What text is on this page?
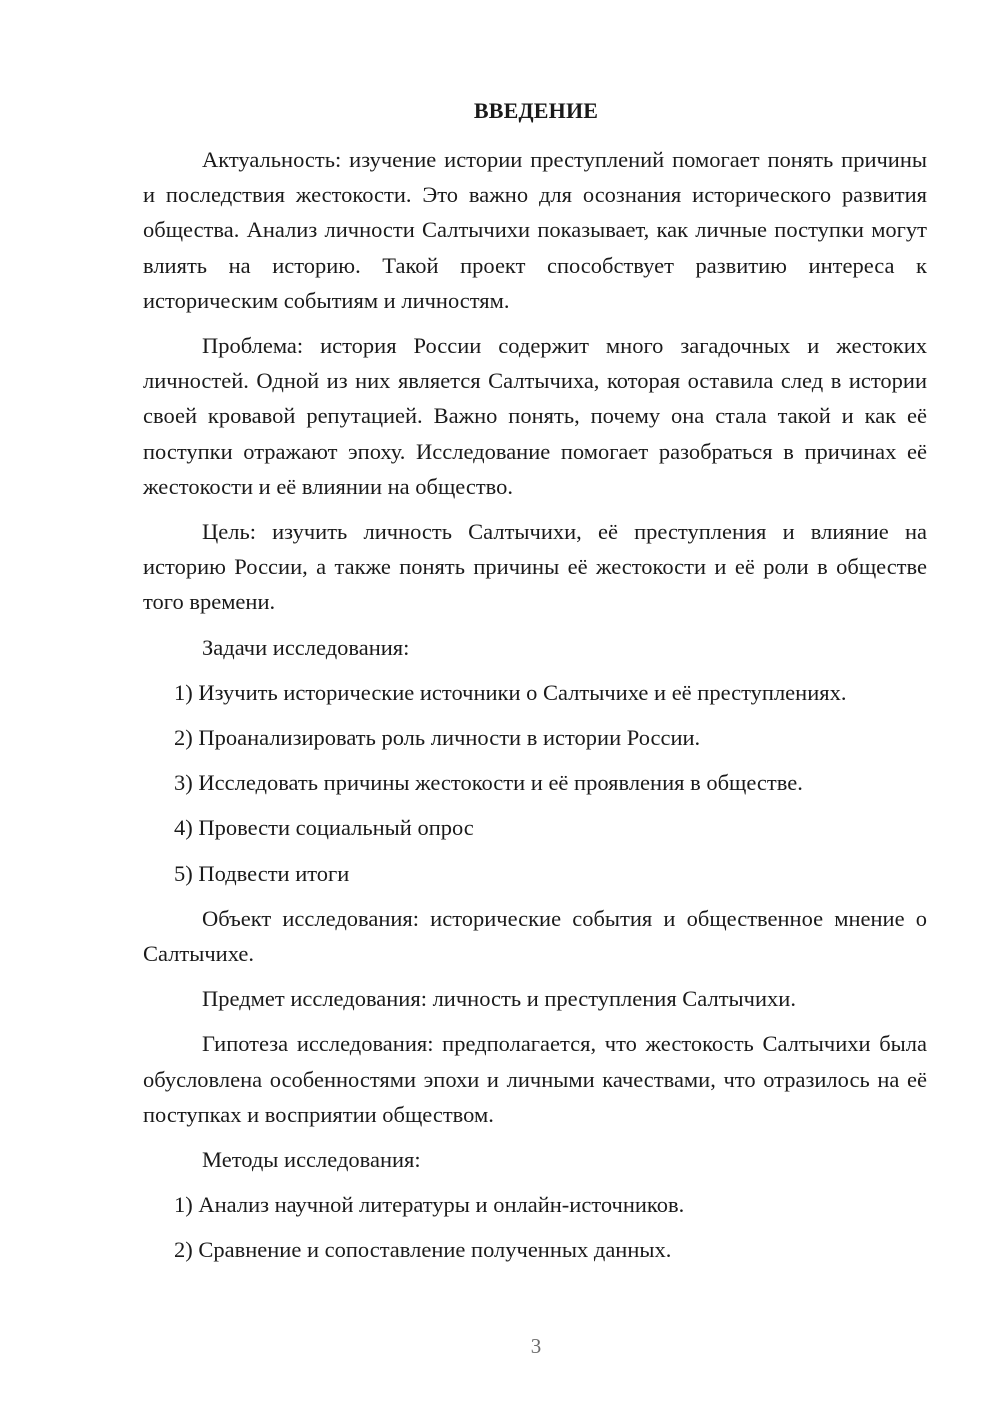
ВВЕДЕНИЕ

Актуальность: изучение истории преступлений помогает понять причины и последствия жестокости. Это важно для осознания исторического развития общества. Анализ личности Салтычихи показывает, как личные поступки могут влиять на историю. Такой проект способствует развитию интереса к историческим событиям и личностям.

Проблема: история России содержит много загадочных и жестоких личностей. Одной из них является Салтычиха, которая оставила след в истории своей кровавой репутацией. Важно понять, почему она стала такой и как её поступки отражают эпоху. Исследование помогает разобраться в причинах её жестокости и её влиянии на общество.

Цель: изучить личность Салтычихи, её преступления и влияние на историю России, а также понять причины её жестокости и её роли в обществе того времени.

Задачи исследования:

1) Изучить исторические источники о Салтычихе и её преступлениях.

2) Проанализировать роль личности в истории России.

3) Исследовать причины жестокости и её проявления в обществе.

4) Провести социальный опрос

5) Подвести итоги

Объект исследования: исторические события и общественное мнение о Салтычихе.

Предмет исследования: личность и преступления Салтычихи.

Гипотеза исследования: предполагается, что жестокость Салтычихи была обусловлена особенностями эпохи и личными качествами, что отразилось на её поступках и восприятии обществом.

Методы исследования:

1) Анализ научной литературы и онлайн-источников.

2) Сравнение и сопоставление полученных данных.

3
